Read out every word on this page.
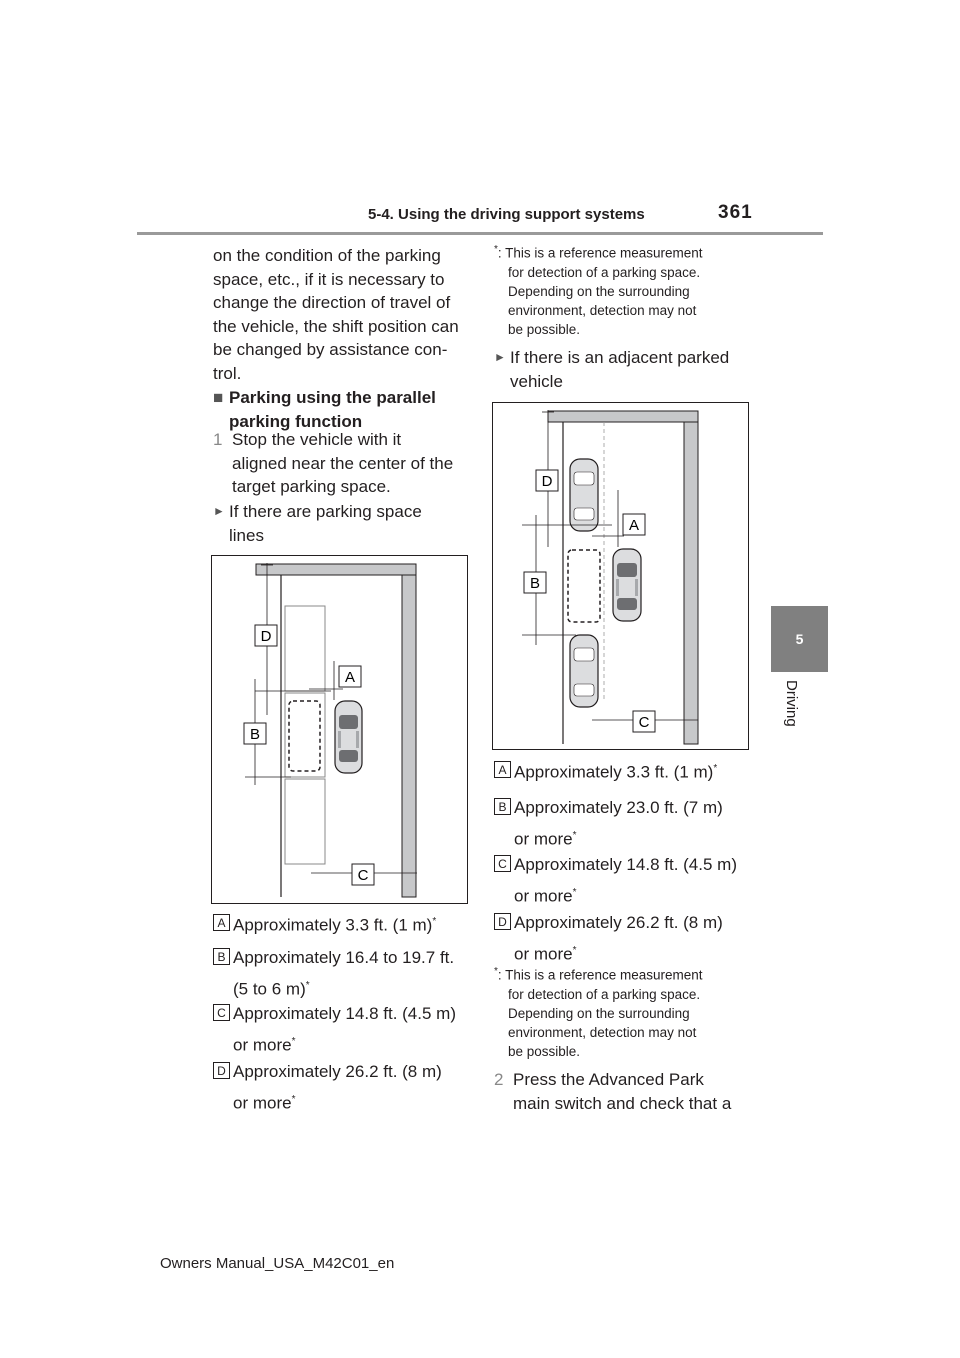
5-4. Using the driving support systems	361
5
Driving
on the condition of the parking
space, etc., if it is necessary to
change the direction of travel of
the vehicle, the shift position can
be changed by assistance con-
trol.
■ Parking using the parallel
parking function
1 Stop the vehicle with it
aligned near the center of the
target parking space.
► If there are parking space
lines
D
A
B
C
A Approximately 3.3 ft. (1 m)*
B Approximately 16.4 to 19.7 ft.
(5 to 6 m)*
C Approximately 14.8 ft. (4.5 m)
or more*
D Approximately 26.2 ft. (8 m)
or more*
*: This is a reference measurement
for detection of a parking space.
Depending on the surrounding
environment, detection may not
be possible.
► If there is an adjacent parked
vehicle
D
A
B
C
A Approximately 3.3 ft. (1 m)*
B Approximately 23.0 ft. (7 m)
or more*
C Approximately 14.8 ft. (4.5 m)
or more*
D Approximately 26.2 ft. (8 m)
or more*
*: This is a reference measurement
for detection of a parking space.
Depending on the surrounding
environment, detection may not
be possible.
2 Press the Advanced Park
main switch and check that a
Owners Manual_USA_M42C01_en
